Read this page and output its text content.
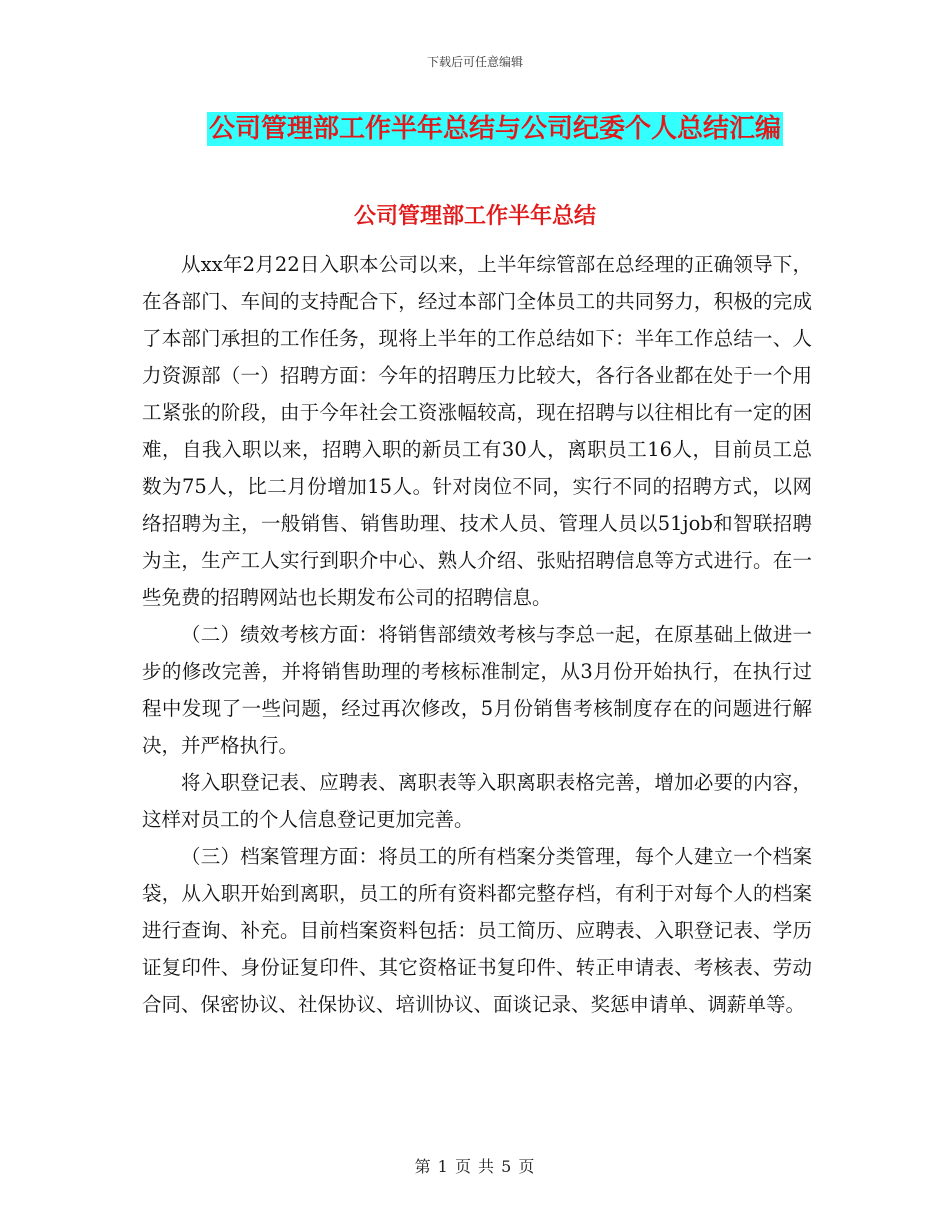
下载后可任意编辑
公司管理部工作半年总结与公司纪委个人总结汇编
公司管理部工作半年总结

从xx年2月22日入职本公司以来，上半年综管部在总经理的正确领导下，在各部门、车间的支持配合下，经过本部门全体员工的共同努力，积极的完成了本部门承担的工作任务，现将上半年的工作总结如下：半年工作总结一、人力资源部（一）招聘方面：今年的招聘压力比较大，各行各业都在处于一个用工紧张的阶段，由于今年社会工资涨幅较高，现在招聘与以往相比有一定的困难，自我入职以来，招聘入职的新员工有30人，离职员工16人，目前员工总数为75人，比二月份增加15人。针对岗位不同，实行不同的招聘方式，以网络招聘为主，一般销售、销售助理、技术人员、管理人员以51job和智联招聘为主，生产工人实行到职介中心、熟人介绍、张贴招聘信息等方式进行。在一些免费的招聘网站也长期发布公司的招聘信息。

（二）绩效考核方面：将销售部绩效考核与李总一起，在原基础上做进一步的修改完善，并将销售助理的考核标准制定，从3月份开始执行，在执行过程中发现了一些问题，经过再次修改，5月份销售考核制度存在的问题进行解决，并严格执行。

将入职登记表、应聘表、离职表等入职离职表格完善，增加必要的内容，这样对员工的个人信息登记更加完善。

（三）档案管理方面：将员工的所有档案分类管理，每个人建立一个档案袋，从入职开始到离职，员工的所有资料都完整存档，有利于对每个人的档案进行查询、补充。目前档案资料包括：员工简历、应聘表、入职登记表、学历证复印件、身份证复印件、其它资格证书复印件、转正申请表、考核表、劳动合同、保密协议、社保协议、培训协议、面谈记录、奖惩申请单、调薪单等。

第 1 页 共 5 页
